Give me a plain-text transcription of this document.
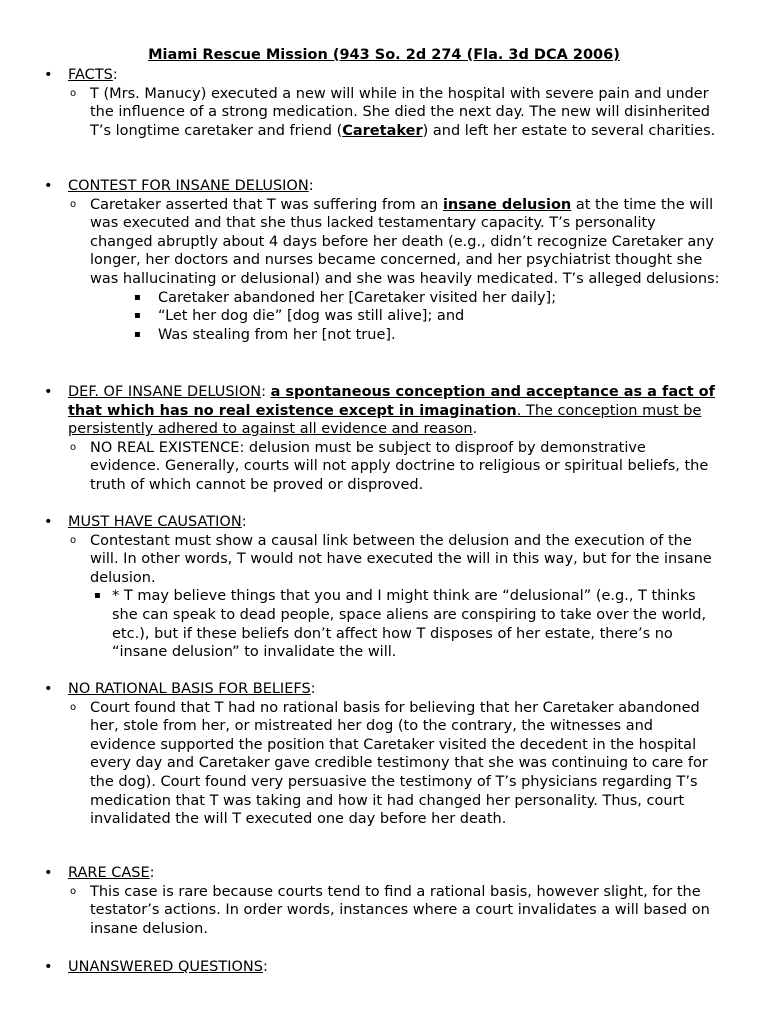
Miami Rescue Mission (943 So. 2d 274 (Fla. 3d DCA 2006)
• FACTS:
o T (Mrs. Manucy) executed a new will while in the hospital with severe pain and under the influence of a strong medication. She died the next day. The new will disinherited T’s longtime caretaker and friend (Caretaker) and left her estate to several charities.
• CONTEST FOR INSANE DELUSION:
o Caretaker asserted that T was suffering from an insane delusion at the time the will was executed and that she thus lacked testamentary capacity. T’s personality changed abruptly about 4 days before her death (e.g., didn’t recognize Caretaker any longer, her doctors and nurses became concerned, and her psychiatrist thought she was hallucinating or delusional) and she was heavily medicated. T’s alleged delusions:
▪ Caretaker abandoned her [Caretaker visited her daily];
▪ “Let her dog die” [dog was still alive]; and
▪ Was stealing from her [not true].
• DEF. OF INSANE DELUSION: a spontaneous conception and acceptance as a fact of that which has no real existence except in imagination. The conception must be persistently adhered to against all evidence and reason.
o NO REAL EXISTENCE: delusion must be subject to disproof by demonstrative evidence. Generally, courts will not apply doctrine to religious or spiritual beliefs, the truth of which cannot be proved or disproved.
• MUST HAVE CAUSATION:
o Contestant must show a causal link between the delusion and the execution of the will. In other words, T would not have executed the will in this way, but for the insane delusion.
▪ * T may believe things that you and I might think are “delusional” (e.g., T thinks she can speak to dead people, space aliens are conspiring to take over the world, etc.), but if these beliefs don’t affect how T disposes of her estate, there’s no “insane delusion” to invalidate the will.
• NO RATIONAL BASIS FOR BELIEFS:
o Court found that T had no rational basis for believing that her Caretaker abandoned her, stole from her, or mistreated her dog (to the contrary, the witnesses and evidence supported the position that Caretaker visited the decedent in the hospital every day and Caretaker gave credible testimony that she was continuing to care for the dog). Court found very persuasive the testimony of T’s physicians regarding T’s medication that T was taking and how it had changed her personality. Thus, court invalidated the will T executed one day before her death.
• RARE CASE:
o This case is rare because courts tend to find a rational basis, however slight, for the testator’s actions. In order words, instances where a court invalidates a will based on insane delusion.
• UNANSWERED QUESTIONS:
